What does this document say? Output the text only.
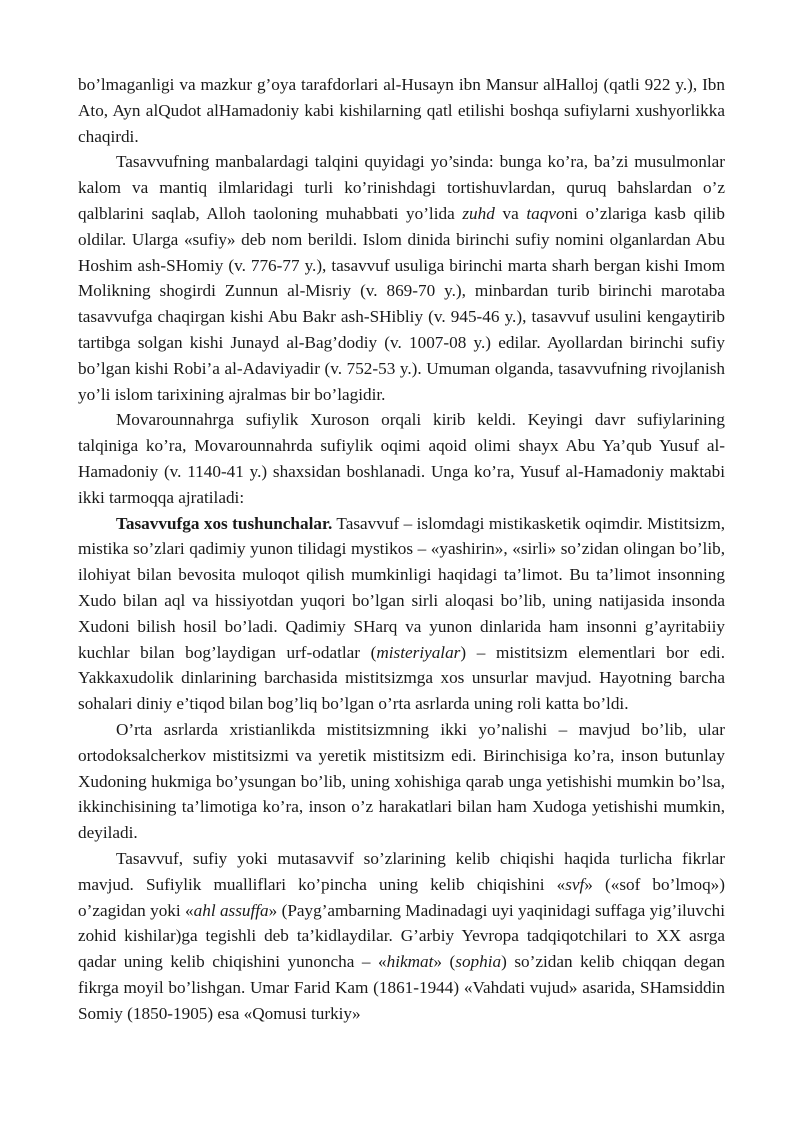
bo’lmaganligi va mazkur g’oya tarafdorlari al-Husayn ibn Mansur alHalloj (qatli 922 y.), Ibn Ato, Ayn alQudot alHamadoniy kabi kishilarning qatl etilishi boshqa sufiylarni xushyorlikka chaqirdi.

Tasavvufning manbalardagi talqini quyidagi yo’sinda: bunga ko’ra, ba’zi musulmonlar kalom va mantiq ilmlaridagi turli ko’rinishdagi tortishuvlardan, quruq bahslardan o’z qalblarini saqlab, Alloh taoloning muhabbati yo’lida zuhd va taqvoni o’zlariga kasb qilib oldilar. Ularga «sufiy» deb nom berildi. Islom dinida birinchi sufiy nomini olganlardan Abu Hoshim ash-SHomiy (v. 776-77 y.), tasavvuf usuliga birinchi marta sharh bergan kishi Imom Molikning shogirdi Zunnun al-Misriy (v. 869-70 y.), minbardan turib birinchi marotaba tasavvufga chaqirgan kishi Abu Bakr ash-SHibliy (v. 945-46 y.), tasavvuf usulini kengaytirib tartibga solgan kishi Junayd al-Bag’dodiy (v. 1007-08 y.) edilar. Ayollardan birinchi sufiy bo’lgan kishi Robi’a al-Adaviyadir (v. 752-53 y.). Umuman olganda, tasavvufning rivojlanish yo’li islom tarixining ajralmas bir bo’lagidir.

Movarounnahrga sufiylik Xuroson orqali kirib keldi. Keyingi davr sufiylarining talqiniga ko’ra, Movarounnahrda sufiylik oqimi aqoid olimi shayx Abu Ya’qub Yusuf al-Hamadoniy (v. 1140-41 y.) shaxsidan boshlanadi. Unga ko’ra, Yusuf al-Hamadoniy maktabi ikki tarmoqqa ajratiladi:

Tasavvufga xos tushunchalar. Tasavvuf – islomdagi mistikasketik oqimdir. Mistitsizm, mistika so’zlari qadimiy yunon tilidagi mystikos – «yashirin», «sirli» so’zidan olingan bo’lib, ilohiyat bilan bevosita muloqot qilish mumkinligi haqidagi ta’limot. Bu ta’limot insonning Xudo bilan aql va hissiyotdan yuqori bo’lgan sirli aloqasi bo’lib, uning natijasida insonda Xudoni bilish hosil bo’ladi. Qadimiy SHarq va yunon dinlarida ham insonni g’ayritabiiy kuchlar bilan bog’laydigan urf-odatlar (misteriyalar) – mistitsizm elementlari bor edi. Yakkaxudolik dinlarining barchasida mistitsizmga xos unsurlar mavjud. Hayotning barcha sohalari diniy e’tiqod bilan bog’liq bo’lgan o’rta asrlarda uning roli katta bo’ldi.

O’rta asrlarda xristianlikda mistitsizmning ikki yo’nalishi – mavjud bo’lib, ular ortodoksalcherkov mistitsizmi va yeretik mistitsizm edi. Birinchisiga ko’ra, inson butunlay Xudoning hukmiga bo’ysungan bo’lib, uning xohishiga qarab unga yetishishi mumkin bo’lsa, ikkinchisining ta’limotiga ko’ra, inson o’z harakatlari bilan ham Xudoga yetishishi mumkin, deyiladi.

Tasavvuf, sufiy yoki mutasavvif so’zlarining kelib chiqishi haqida turlicha fikrlar mavjud. Sufiylik mualliflari ko’pincha uning kelib chiqishini «svf» («sof bo’lmoq») o’zagidan yoki «ahl assuffa» (Payg’ambarning Madinadagi uyi yaqinidagi suffaga yig’iluvchi zohid kishilar)ga tegishli deb ta’kidlaydilar. G’arbiy Yevropa tadqiqotchilari to XX asrga qadar uning kelib chiqishini yunoncha – «hikmat» (sophia) so’zidan kelib chiqqan degan fikrga moyil bo’lishgan. Umar Farid Kam (1861-1944) «Vahdati vujud» asarida, SHamsiddin Somiy (1850-1905) esa «Qomusi turkiy»
